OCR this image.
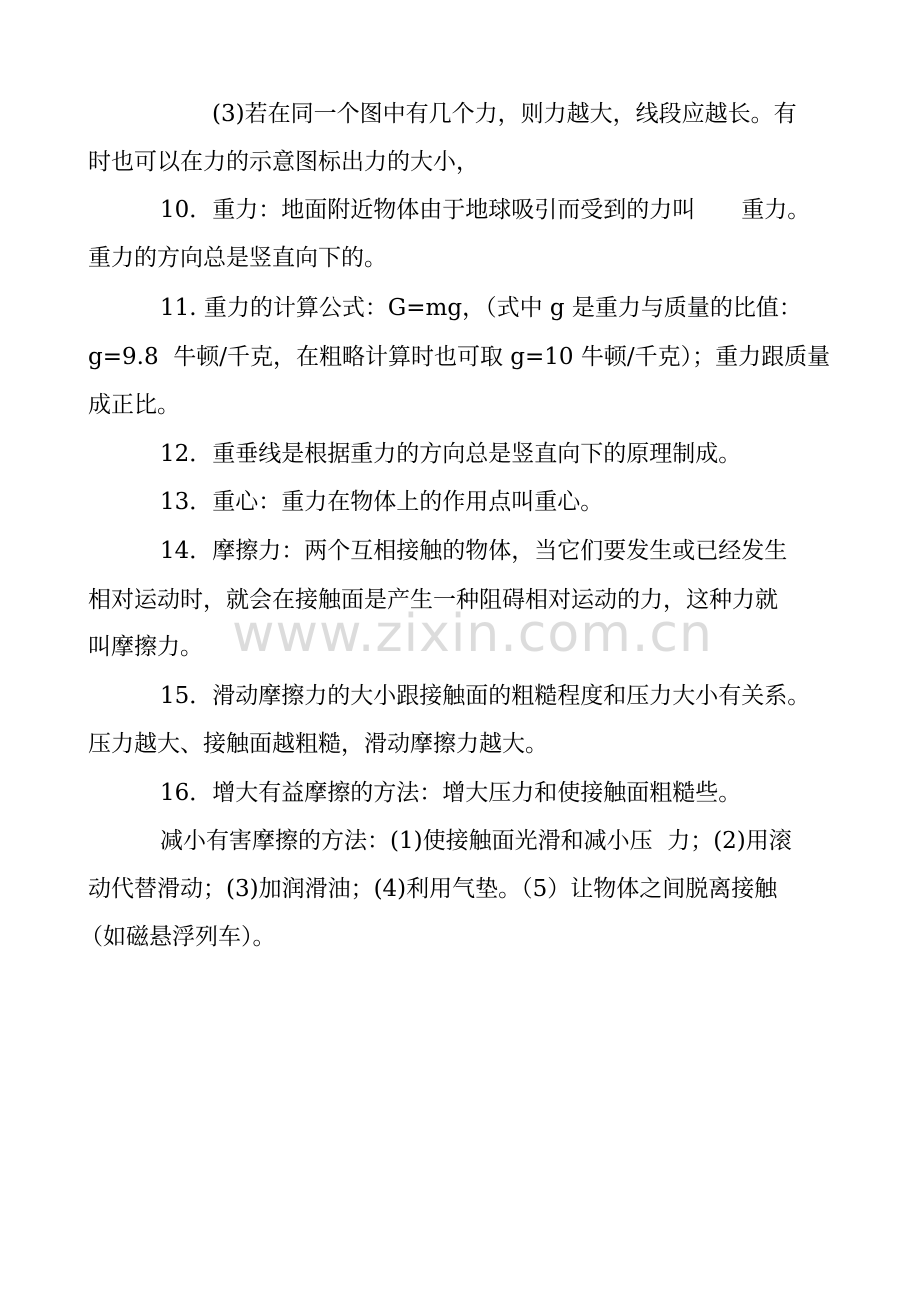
(3)若在同一个图中有几个力，则力越大，线段应越长。有
时也可以在力的示意图标出力的大小，
10．重力：地面附近物体由于地球吸引而受到的力叫　　重力。
重力的方向总是竖直向下的。
11. 重力的计算公式：G=mg，（式中 g 是重力与质量的比值：
g=9.8  牛顿/千克，在粗略计算时也可取 g=10 牛顿/千克）；重力跟质量
成正比。
12．重垂线是根据重力的方向总是竖直向下的原理制成。
13．重心：重力在物体上的作用点叫重心。
14．摩擦力：两个互相接触的物体，当它们要发生或已经发生
相对运动时，就会在接触面是产生一种阻碍相对运动的力，这种力就
叫摩擦力。
15．滑动摩擦力的大小跟接触面的粗糙程度和压力大小有关系。
压力越大、接触面越粗糙，滑动摩擦力越大。
16．增大有益摩擦的方法：增大压力和使接触面粗糙些。
减小有害摩擦的方法：(1)使接触面光滑和减小压  力；(2)用滚
动代替滑动；(3)加润滑油；(4)利用气垫。（5）让物体之间脱离接触
（如磁悬浮列车）。
www.zixin.com.cn
